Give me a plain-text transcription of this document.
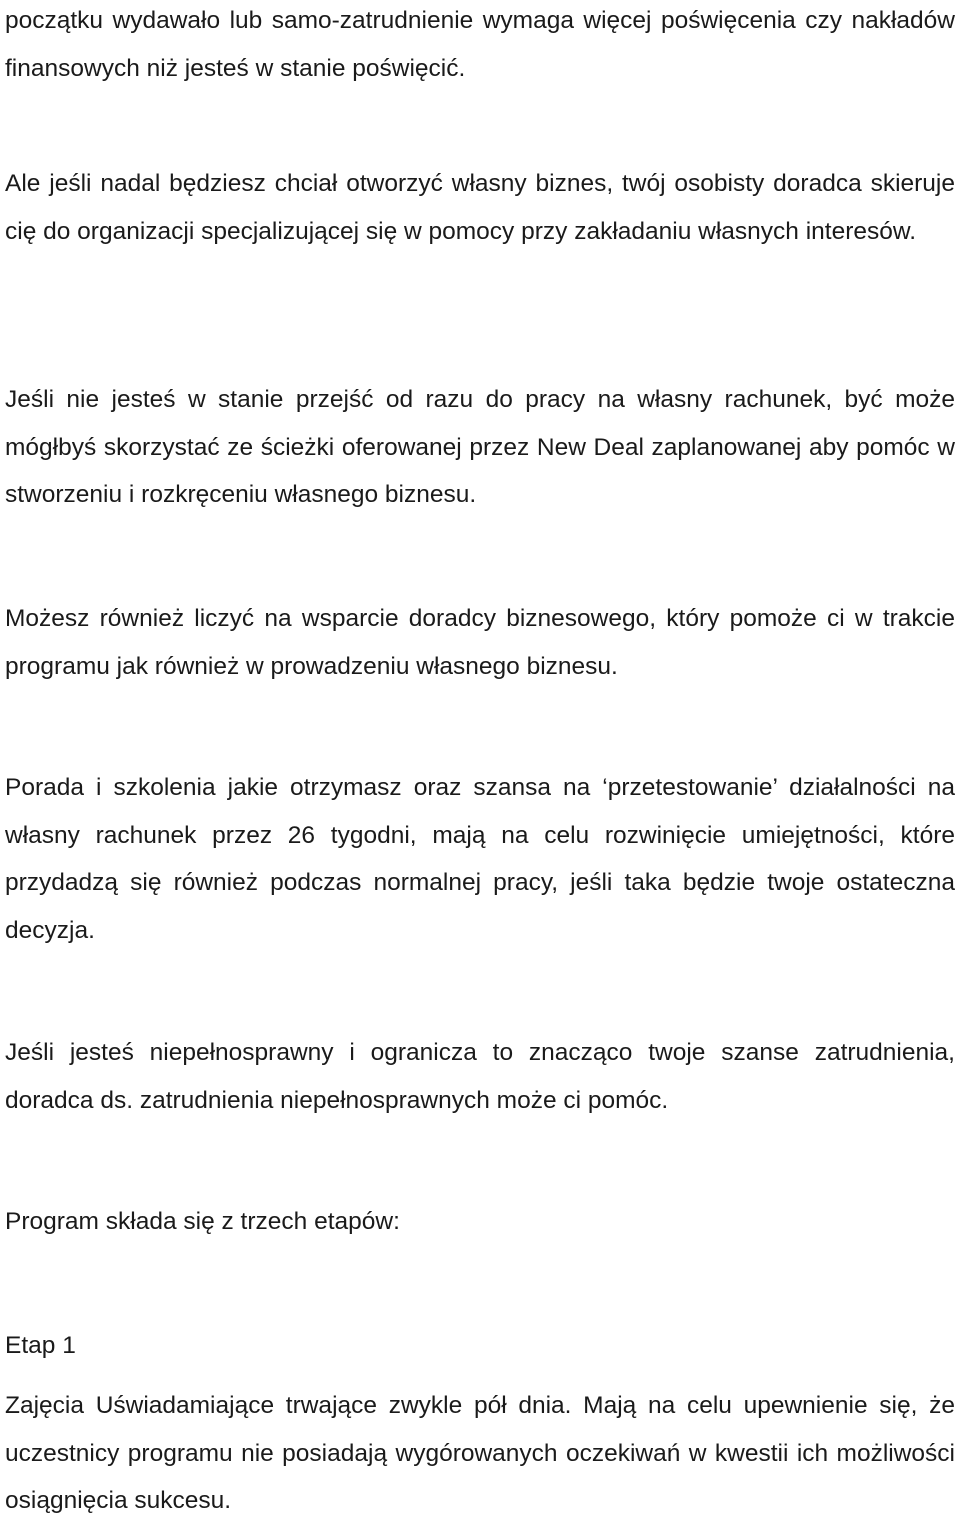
początku wydawało lub samo-zatrudnienie wymaga więcej poświęcenia czy nakładów finansowych niż jesteś w stanie poświęcić.

Ale jeśli nadal będziesz chciał otworzyć własny biznes, twój osobisty doradca skieruje cię do organizacji specjalizującej się w pomocy przy zakładaniu własnych interesów.

Jeśli nie jesteś w stanie przejść od razu do pracy na własny rachunek, być może mógłbyś skorzystać ze ścieżki oferowanej przez New Deal zaplanowanej aby pomóc w stworzeniu i rozkręceniu własnego biznesu.

Możesz również liczyć na wsparcie doradcy biznesowego, który pomoże ci w trakcie programu jak również w prowadzeniu własnego biznesu.

Porada i szkolenia jakie otrzymasz oraz szansa na ‘przetestowanie’ działalności na własny rachunek przez 26 tygodni, mają na celu rozwinięcie umiejętności, które przydadzą się również podczas normalnej pracy, jeśli taka będzie twoje ostateczna decyzja.

Jeśli jesteś niepełnosprawny i ogranicza to znacząco twoje szanse zatrudnienia, doradca ds. zatrudnienia niepełnosprawnych może ci pomóc.

Program składa się z trzech etapów:

Etap 1

Zajęcia Uświadamiające trwające zwykle pół dnia. Mają na celu upewnienie się, że uczestnicy programu nie posiadają wygórowanych oczekiwań w kwestii ich możliwości osiągnięcia sukcesu.
